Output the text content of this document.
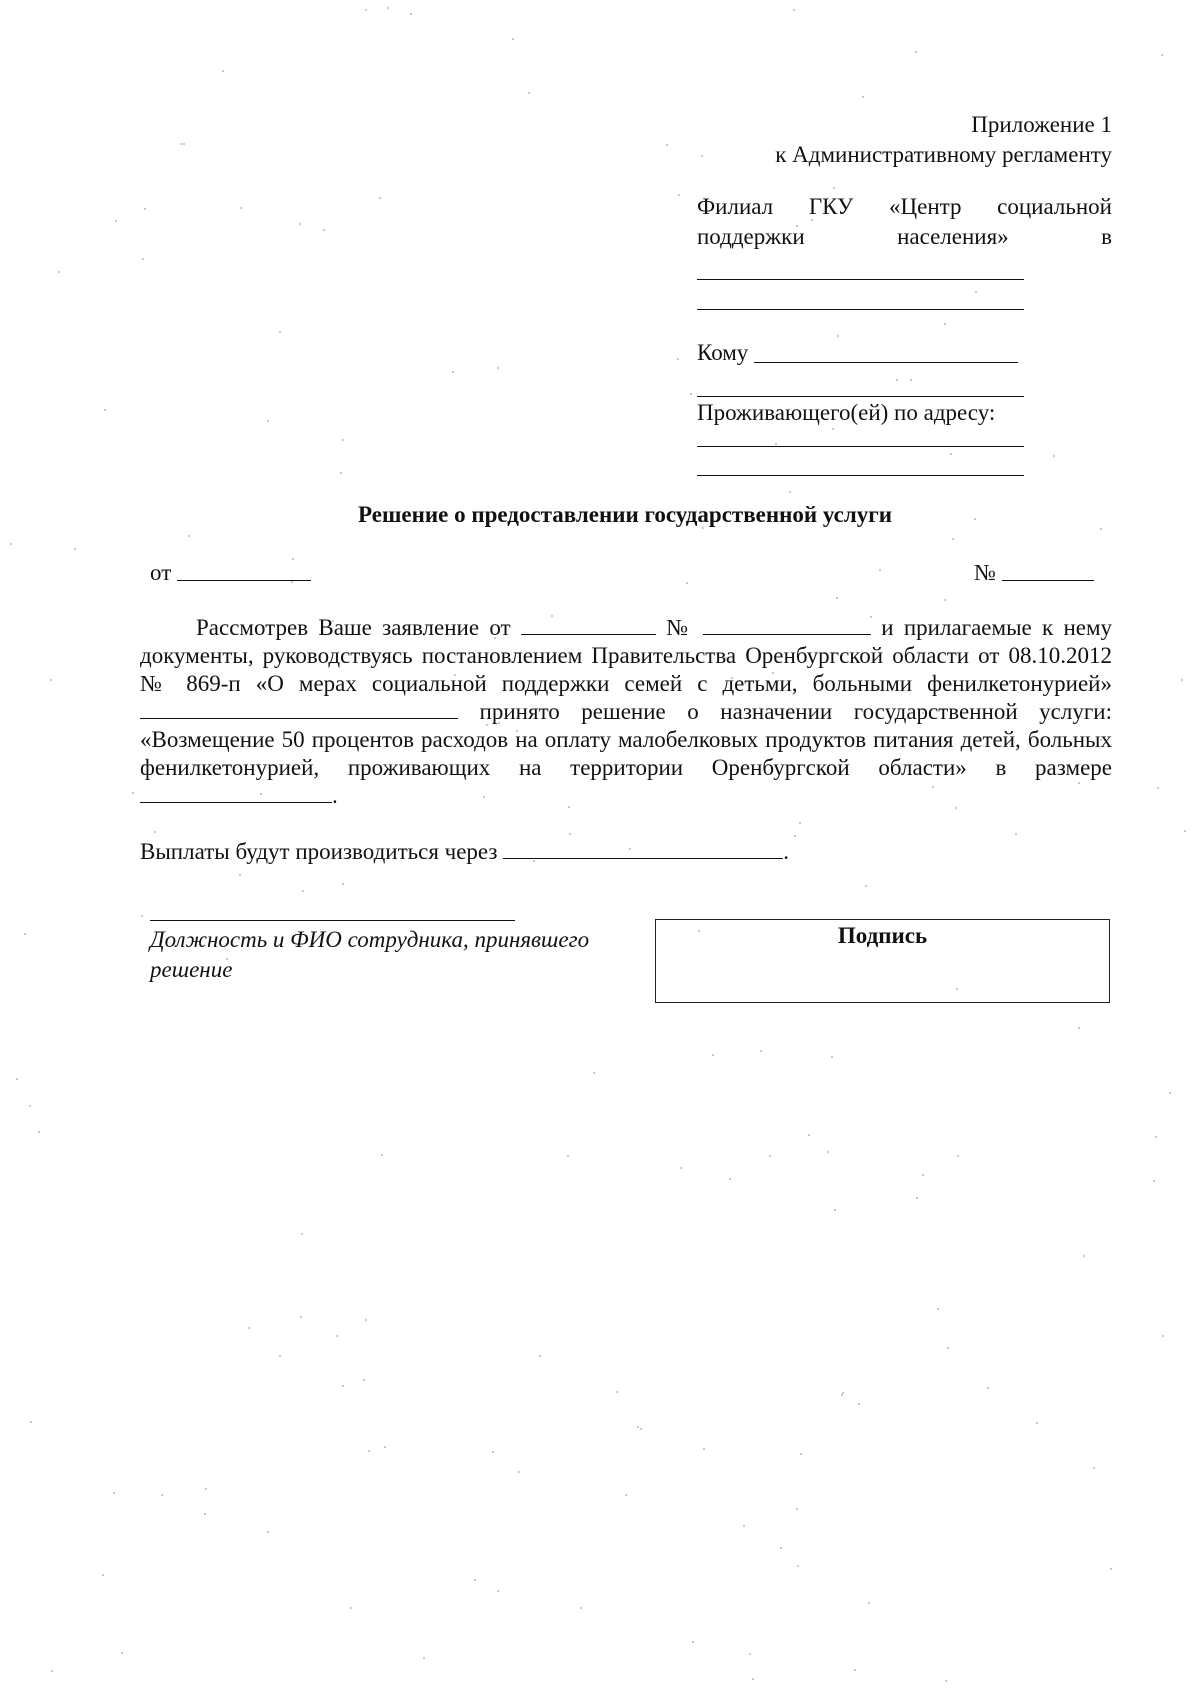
Приложение 1
к Административному регламенту
Филиал ГКУ «Центр социальной
поддержки населения» в
Кому
Проживающего(ей) по адресу:
Решение о предоставлении государственной услуги
от	№
Рассмотрев Ваше заявление от	№	и прилагаемые к нему документы, руководствуясь постановлением Правительства Оренбургской области от 08.10.2012 № 869-п «О мерах социальной поддержки семей с детьми, больными фенилкетонурией»  принято решение о назначении государственной услуги: «Возмещение 50 процентов расходов на оплату малобелковых продуктов питания детей, больных фенилкетонурией, проживающих на территории Оренбургской области» в размере .
Выплаты будут производиться через	.
Должность и ФИО сотрудника, принявшего решение
Подпись
